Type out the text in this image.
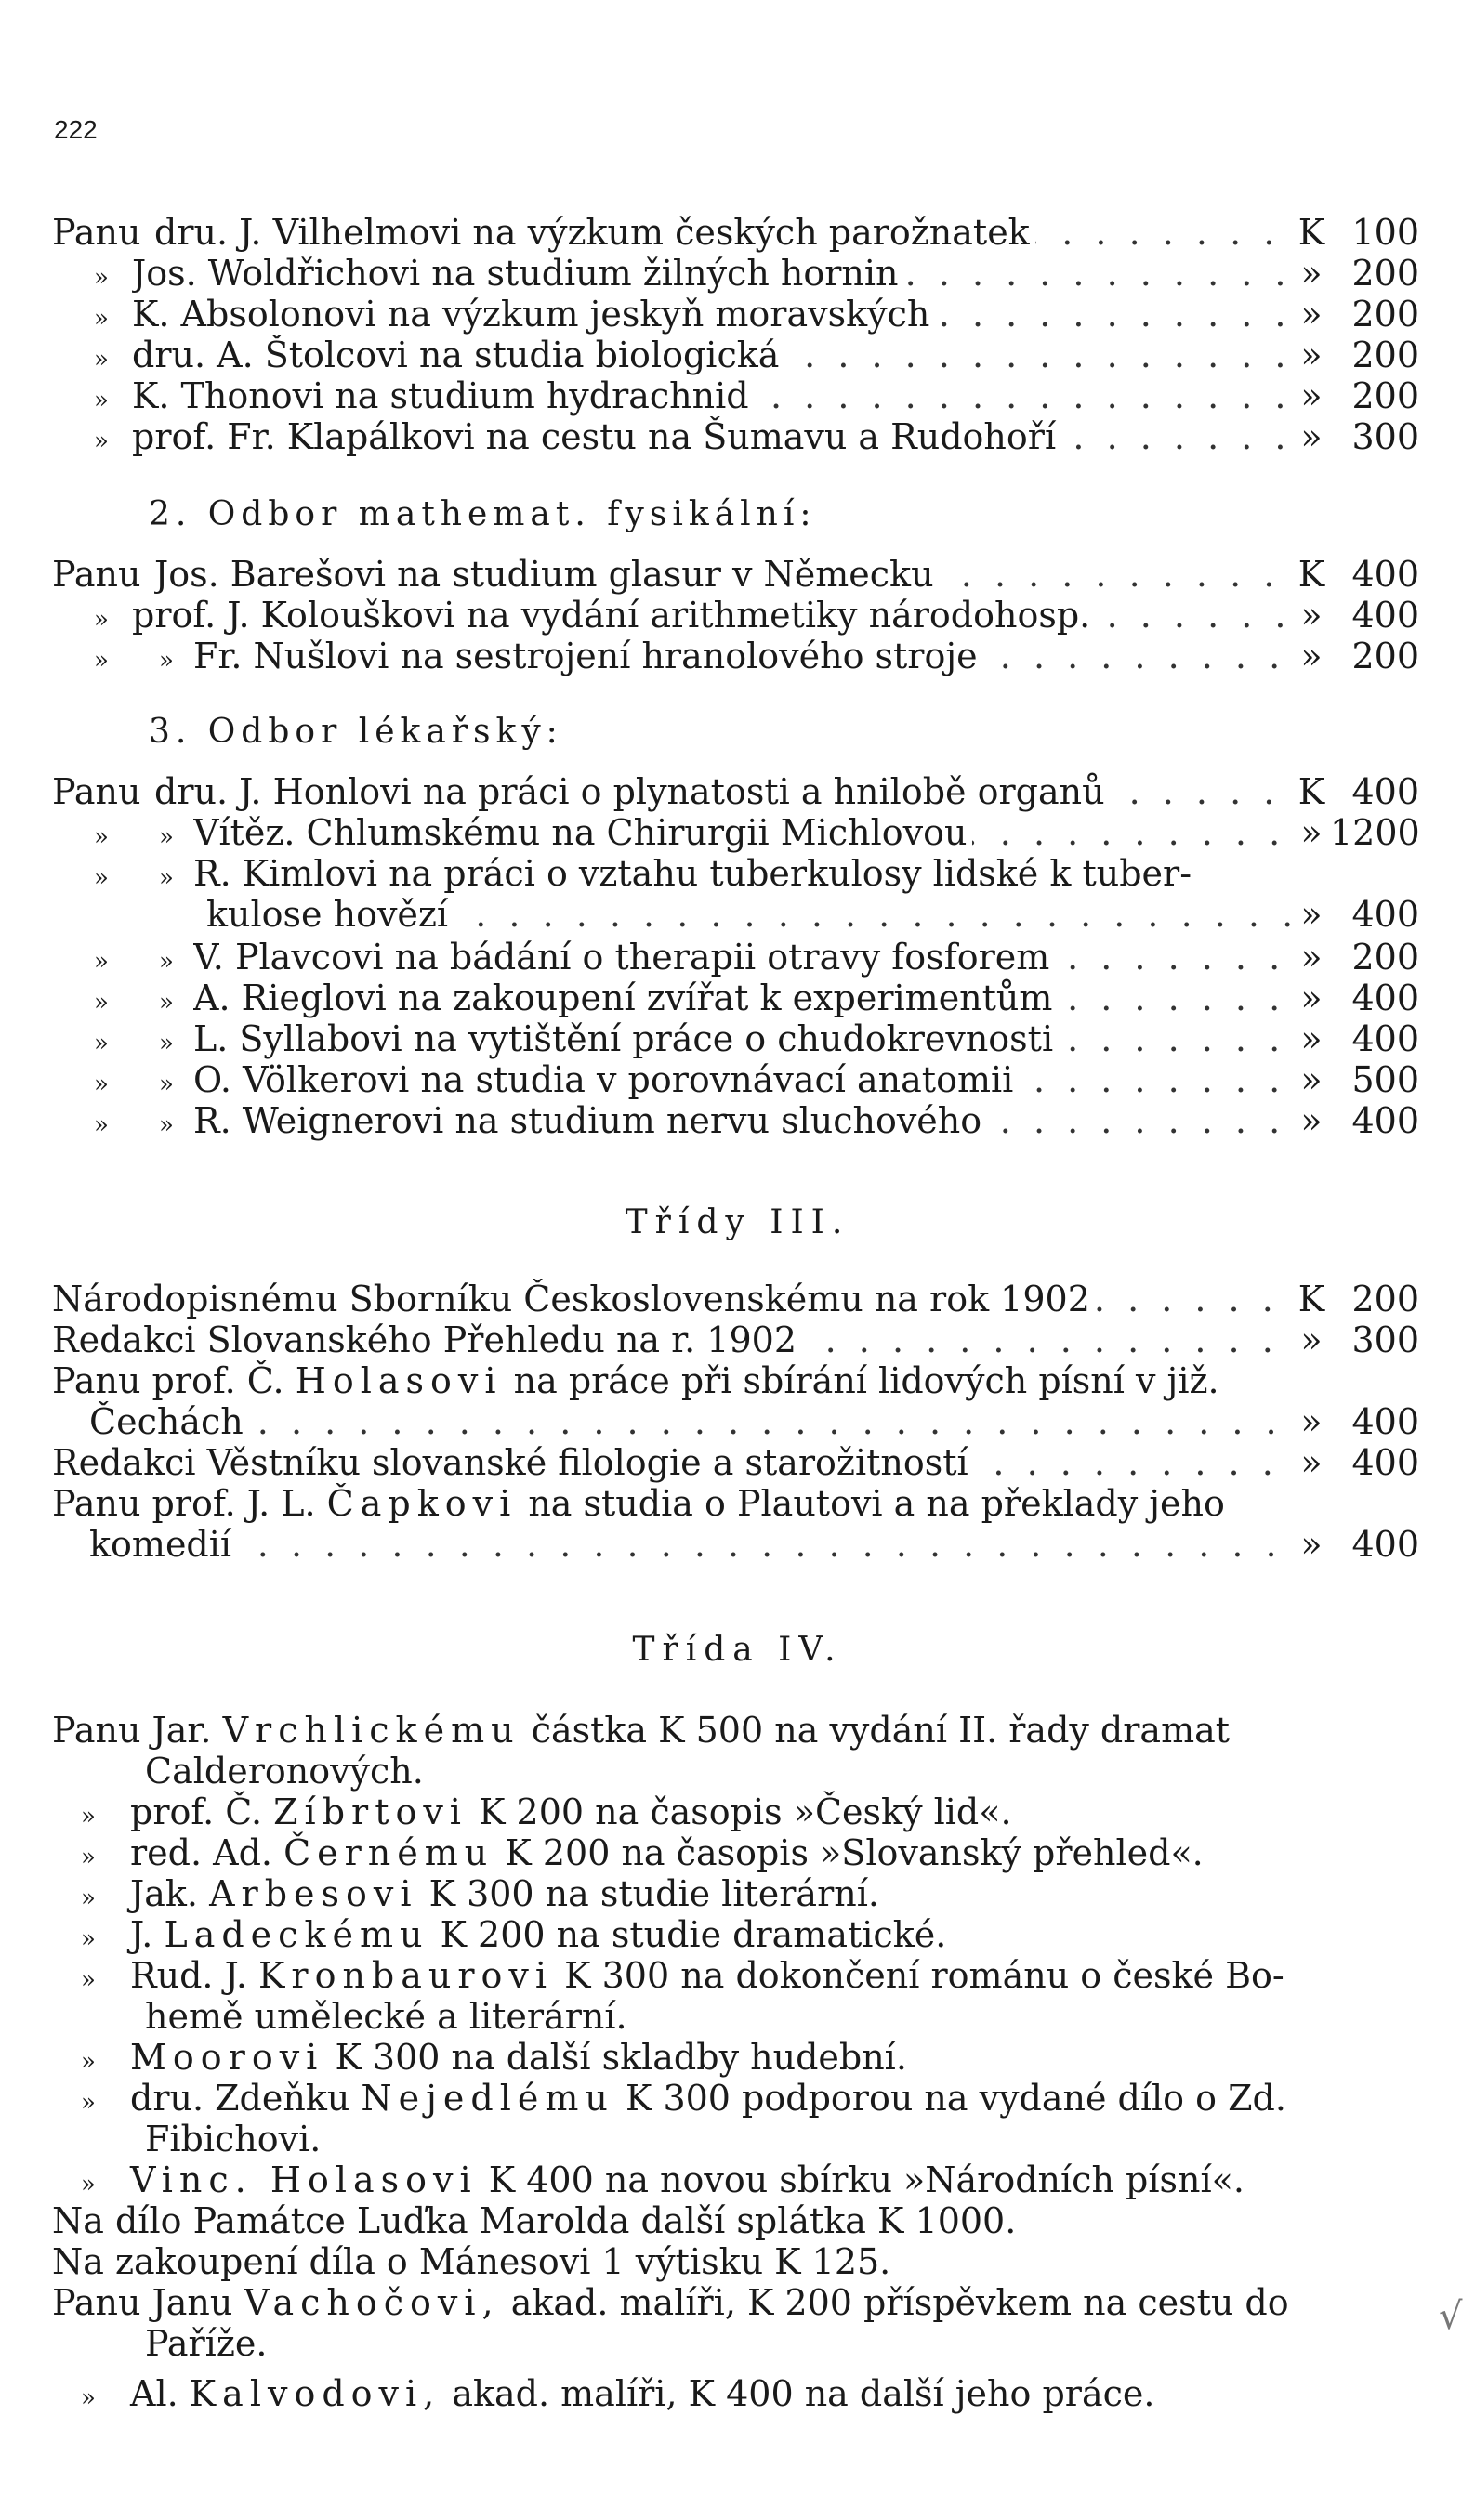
222
Panu dru. J. Vilhelmovi na výzkum českých parožnatek . . .	K 100
» Jos. Woldřichovi na studium žilných hornin . . .	» 200
» K. Absolonovi na výzkum jeskyň moravských . . .	» 200
» dru. A. Štolcovi na studia biologická . . .	» 200
» K. Thonovi na studium hydrachnid . . .	» 200
» prof. Fr. Klapálkovi na cestu na Šumavu a Rudohoří . . .	» 300
2. Odbor mathemat. fysikální:
Panu Jos. Barešovi na studium glasur v Německu . . .	K 400
» prof. J. Kolouškovi na vydání arithmetiky národohosp. . . .	» 400
» » Fr. Nušlovi na sestrojení hranolového stroje . . .	» 200
3. Odbor lékařský:
Panu dru. J. Honlovi na práci o plynatosti a hnilobě organů . . .	K 400
» » Vítěz. Chlumskému na Chirurgii Michlovou . . .	» 1200
» » R. Kimlovi na práci o vztahu tuberkulosy lidské k tuber-
kulose hovězí . . .	» 400
» » V. Plavcovi na bádání o therapii otravy fosforem . . .	» 200
» » A. Rieglovi na zakoupení zvířat k experimentům . . .	» 400
» » L. Syllabovi na vytištění práce o chudokrevnosti . . .	» 400
» » O. Völkerovi na studia v porovnávací anatomii . . .	» 500
» » R. Weignerovi na studium nervu sluchového . . .	» 400
Třídy III.
Národopisnému Sborníku Československému na rok 1902 . . .	K 200
Redakci Slovanského Přehledu na r. 1902 . . .	» 300
Panu prof. Č. Holasovi na práce při sbírání lidových písní v již.
Čechách . . .	» 400
Redakci Věstníku slovanské filologie a starožitností . . .	» 400
Panu prof. J. L. Čapkovi na studia o Plautovi a na překlady jeho
komedií . . .	» 400
Třída IV.
Panu Jar. Vrchlickému částka K 500 na vydání II. řady dramat
Calderonových.
» prof. Č. Zíbrtovi K 200 na časopis »Český lid«.
» red. Ad. Černému K 200 na časopis »Slovanský přehled«.
» Jak. Arbesovi K 300 na studie literární.
» J. Ladeckému K 200 na studie dramatické.
» Rud. J. Kronbaurovi K 300 na dokončení románu o české Bo-
hemě umělecké a literární.
» Moorovi K 300 na další skladby hudební.
» dru. Zdeňku Nejedlému K 300 podporou na vydané dílo o Zd.
Fibichovi.
» Vinc. Holasovi K 400 na novou sbírku »Národních písní«.
Na dílo Památce Luďka Marolda další splátka K 1000.
Na zakoupení díla o Mánesovi 1 výtisku K 125.
Panu Janu Vachočovi, akad. malíři, K 200 příspěvkem na cestu do
Paříže.
» Al. Kalvodovi, akad. malíři, K 400 na další jeho práce.
√
